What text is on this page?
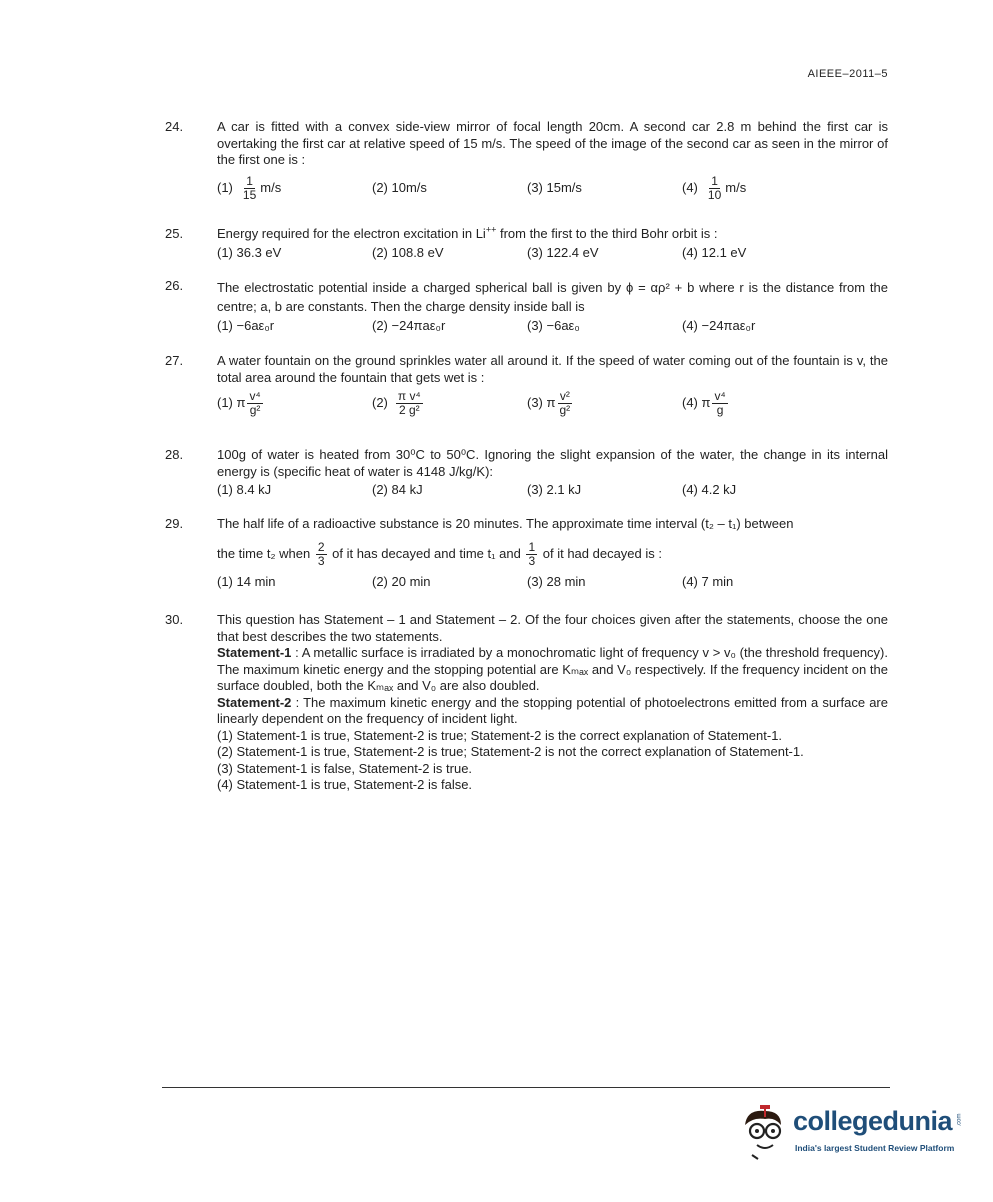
AIEEE–2011–5
24.	A car is fitted with a convex side-view mirror of focal length 20cm. A second car 2.8 m behind the first car is overtaking the first car at relative speed of 15 m/s. The speed of the image of the second car as seen in the mirror of the first one is :

$(1) \frac{1}{15} m/s$	(2) 10m/s	(3) 15m/s	$(4) \frac{1}{10} m/s$
25.	Energy required for the electron excitation in Li++ from the first to the third Bohr orbit is :

(1) 36.3 eV	(2) 108.8 eV	(3) 122.4 eV	(4) 12.1 eV
26.	The electrostatic potential inside a charged spherical ball is given by ϕ = αρ² + b where r is the distance from the centre; a, b are constants. Then the charge density inside ball is

(1) −6aε₀r	(2) −24πaε₀r	(3) −6aε₀	(4) −24πaε₀r
27.	A water fountain on the ground sprinkles water all around it. If the speed of water coming out of the fountain is v, the total area around the fountain that gets wet is :

(1) π $\frac{\text{v⁴}}{\text{g²}}$	$(2) \frac{\text{π v⁴}}{\text{2 g²}}$	(3) π $\frac{\text{v²}}{\text{g²}}$	(4) π $\frac{\text{v⁴}}{g}$
28.	100g of water is heated from 30⁰C to 50⁰C. Ignoring the slight expansion of the water, the change in its internal energy is (specific heat of water is 4148 J/kg/K):

(1) 8.4 kJ	(2) 84 kJ	(3) 2.1 kJ	(4) 4.2 kJ
29.	The half life of a radioactive substance is 20 minutes. The approximate time interval (t₂ – t₁) between

the time t₂ when $\frac{2}{3}$ of it has decayed and time t₁ and $\frac{1}{3}$ of it had decayed is :

(1) 14 min	(2) 20 min	(3) 28 min	(4) 7 min
30.	This question has Statement – 1 and Statement – 2. Of the four choices given after the statements, choose the one that best describes the two statements.

Statement-1 : A metallic surface is irradiated by a monochromatic light of frequency v > v₀ (the threshold frequency). The maximum kinetic energy and the stopping potential are Kₘₐₓ and V₀ respectively. If the frequency incident on the surface doubled, both the Kₘₐₓ and V₀ are also doubled.

Statement-2 : The maximum kinetic energy and the stopping potential of photoelectrons emitted from a surface are linearly dependent on the frequency of incident light.

(1) Statement-1 is true, Statement-2 is true; Statement-2 is the correct explanation of Statement-1.

(2) Statement-1 is true, Statement-2 is true; Statement-2 is not the correct explanation of Statement-1.

(3) Statement-1 is false, Statement-2 is true.

(4) Statement-1 is true, Statement-2 is false.

collegedunia .com
India's largest Student Review Platform
